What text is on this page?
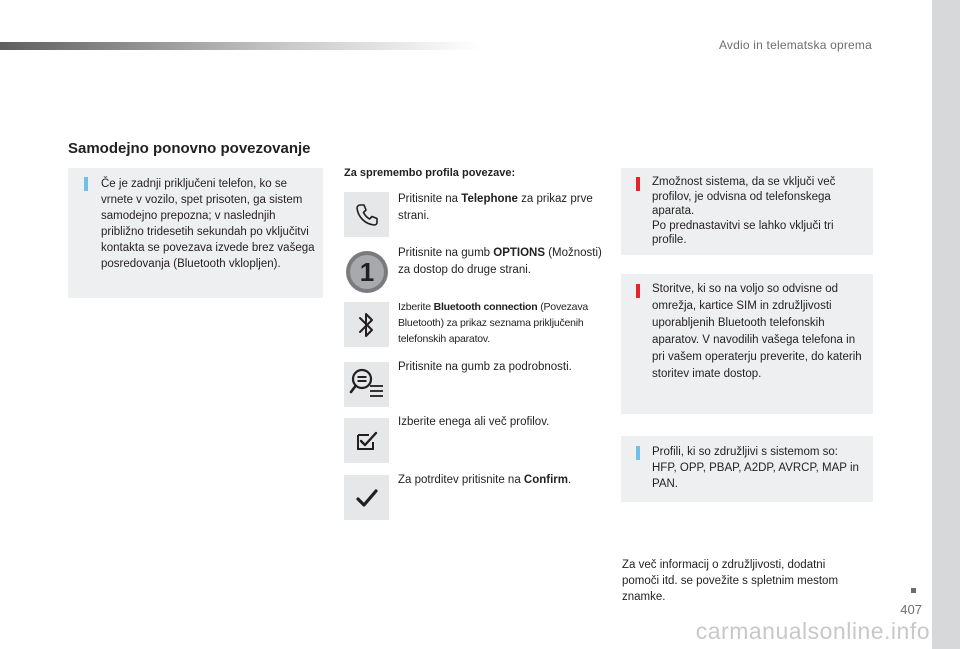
Avdio in telematska oprema
Samodejno ponovno povezovanje
Če je zadnji priključeni telefon, ko se vrnete v vozilo, spet prisoten, ga sistem samodejno prepozna; v naslednjih približno tridesetih sekundah po vključitvi kontakta se povezava izvede brez vašega posredovanja (Bluetooth vklopljen).
Za spremembo profila povezave:
Pritisnite na Telephone za prikaz prve strani.
1
Pritisnite na gumb OPTIONS (Možnosti) za dostop do druge strani.
Izberite Bluetooth connection (Povezava Bluetooth) za prikaz seznama priključenih telefonskih aparatov.
Pritisnite na gumb za podrobnosti.
Izberite enega ali več profilov.
Za potrditev pritisnite na Confirm.
Zmožnost sistema, da se vključi več profilov, je odvisna od telefonskega aparata.
Po prednastavitvi se lahko vključi tri profile.
Storitve, ki so na voljo so odvisne od omrežja, kartice SIM in združljivosti uporabljenih Bluetooth telefonskih aparatov. V navodilih vašega telefona in pri vašem operaterju preverite, do katerih storitev imate dostop.
Profili, ki so združljivi s sistemom so: HFP, OPP, PBAP, A2DP, AVRCP, MAP in PAN.
Za več informacij o združljivosti, dodatni pomoči itd. se povežite s spletnim mestom znamke.
407
carmanualsonline.info
